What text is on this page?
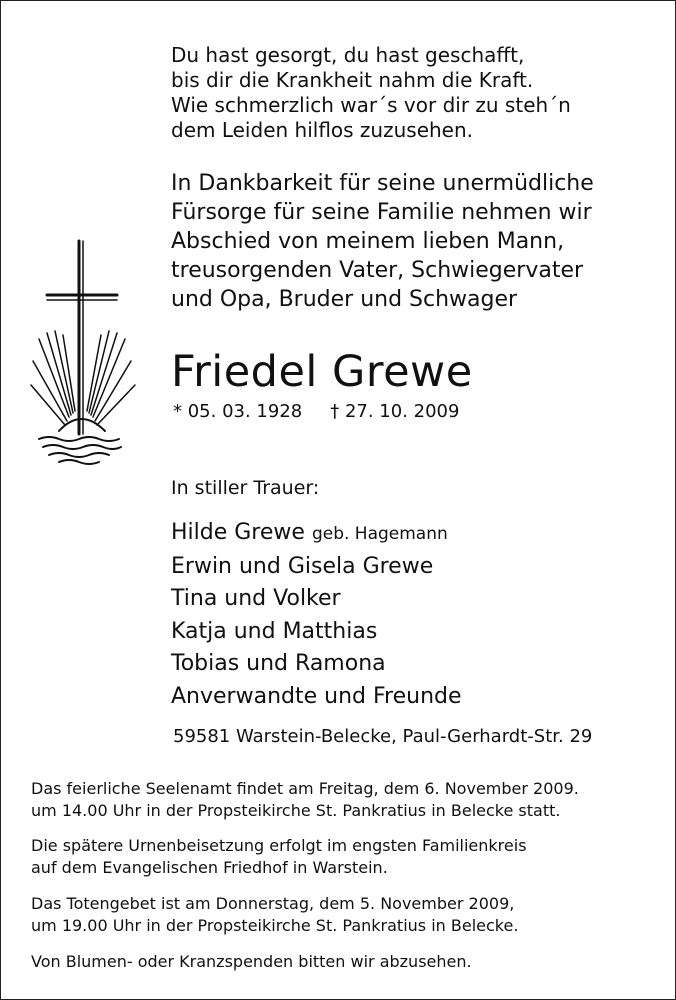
Du hast gesorgt, du hast geschafft,
bis dir die Krankheit nahm die Kraft.
Wie schmerzlich war´s vor dir zu steh´n
dem Leiden hilflos zuzusehen.
In Dankbarkeit für seine unermüdliche
Fürsorge für seine Familie nehmen wir
Abschied von meinem lieben Mann,
treusorgenden Vater, Schwiegervater
und Opa, Bruder und Schwager
Friedel Grewe
* 05. 03. 1928 † 27. 10. 2009
In stiller Trauer:
Hilde Grewe geb. Hagemann
Erwin und Gisela Grewe
Tina und Volker
Katja und Matthias
Tobias und Ramona
Anverwandte und Freunde
59581 Warstein-Belecke, Paul-Gerhardt-Str. 29
Das feierliche Seelenamt findet am Freitag, dem 6. November 2009.
um 14.00 Uhr in der Propsteikirche St. Pankratius in Belecke statt.
Die spätere Urnenbeisetzung erfolgt im engsten Familienkreis
auf dem Evangelischen Friedhof in Warstein.
Das Totengebet ist am Donnerstag, dem 5. November 2009,
um 19.00 Uhr in der Propsteikirche St. Pankratius in Belecke.
Von Blumen- oder Kranzspenden bitten wir abzusehen.
